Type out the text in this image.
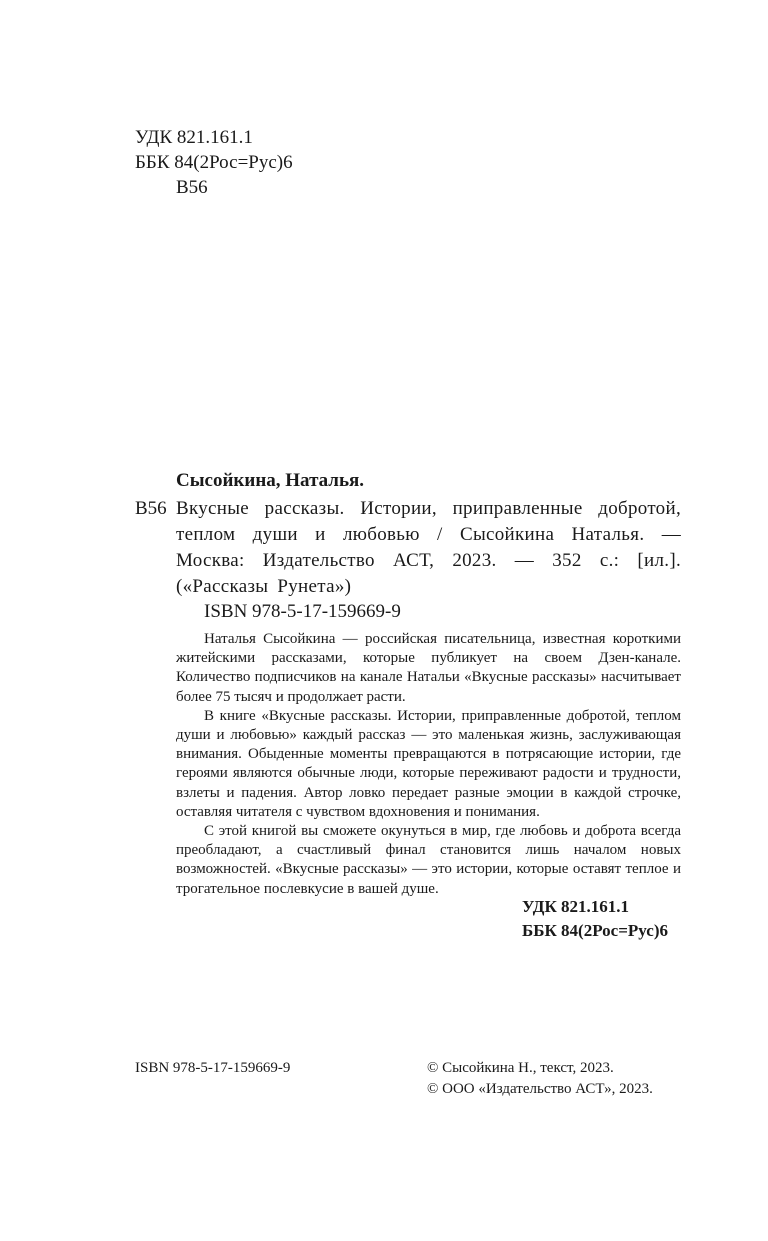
УДК 821.161.1
ББК 84(2Рос=Рус)6
В56
Сысойкина, Наталья.
В56 Вкусные рассказы. Истории, приправленные добротой, теплом души и любовью / Сысойкина Наталья. — Москва: Издательство АСТ, 2023. — 352 с.: [ил.]. («Рассказы Рунета»)
ISBN 978-5-17-159669-9

Наталья Сысойкина — российская писательница, известная короткими житейскими рассказами, которые публикует на своем Дзен-канале. Количество подписчиков на канале Натальи «Вкусные рассказы» насчитывает более 75 тысяч и продолжает расти.

В книге «Вкусные рассказы. Истории, приправленные добротой, теплом души и любовью» каждый рассказ — это маленькая жизнь, заслуживающая внимания. Обыденные моменты превращаются в потрясающие истории, где героями являются обычные люди, которые переживают радости и трудности, взлеты и падения. Автор ловко передает разные эмоции в каждой строчке, оставляя читателя с чувством вдохновения и понимания.

С этой книгой вы сможете окунуться в мир, где любовь и доброта всегда преобладают, а счастливый финал становится лишь началом новых возможностей. «Вкусные рассказы» — это истории, которые оставят теплое и трогательное послевкусие в вашей душе.

УДК 821.161.1
ББК 84(2Рос=Рус)6
ISBN 978-5-17-159669-9	© Сысойкина Н., текст, 2023.
© ООО «Издательство АСТ», 2023.
